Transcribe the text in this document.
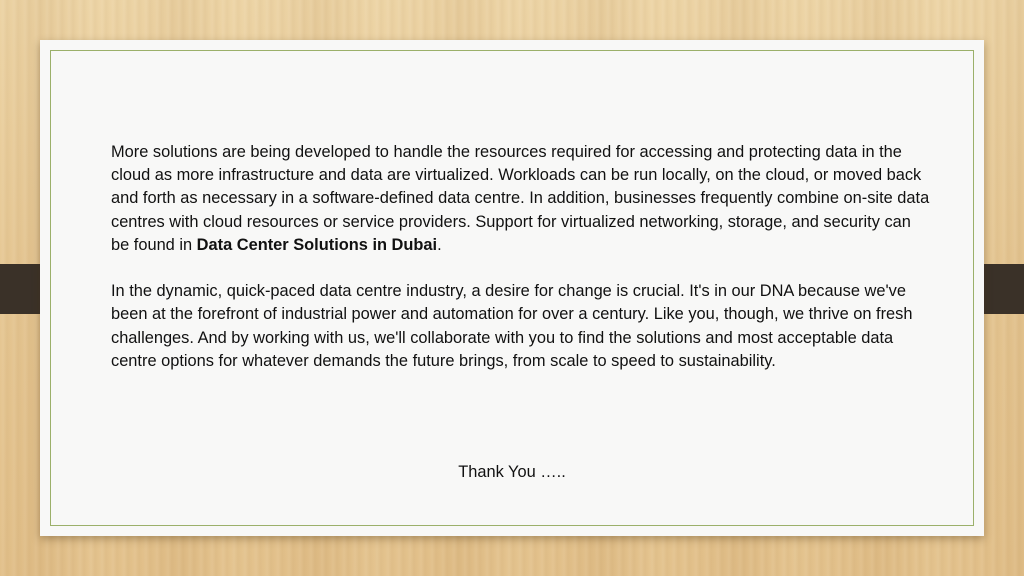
More solutions are being developed to handle the resources required for accessing and protecting data in the cloud as more infrastructure and data are virtualized. Workloads can be run locally, on the cloud, or moved back and forth as necessary in a software-defined data centre. In addition, businesses frequently combine on-site data centres with cloud resources or service providers. Support for virtualized networking, storage, and security can be found in Data Center Solutions in Dubai.

In the dynamic, quick-paced data centre industry, a desire for change is crucial. It's in our DNA because we've been at the forefront of industrial power and automation for over a century. Like you, though, we thrive on fresh challenges. And by working with us, we'll collaborate with you to find the solutions and most acceptable data centre options for whatever demands the future brings, from scale to speed to sustainability.

Thank You …..
